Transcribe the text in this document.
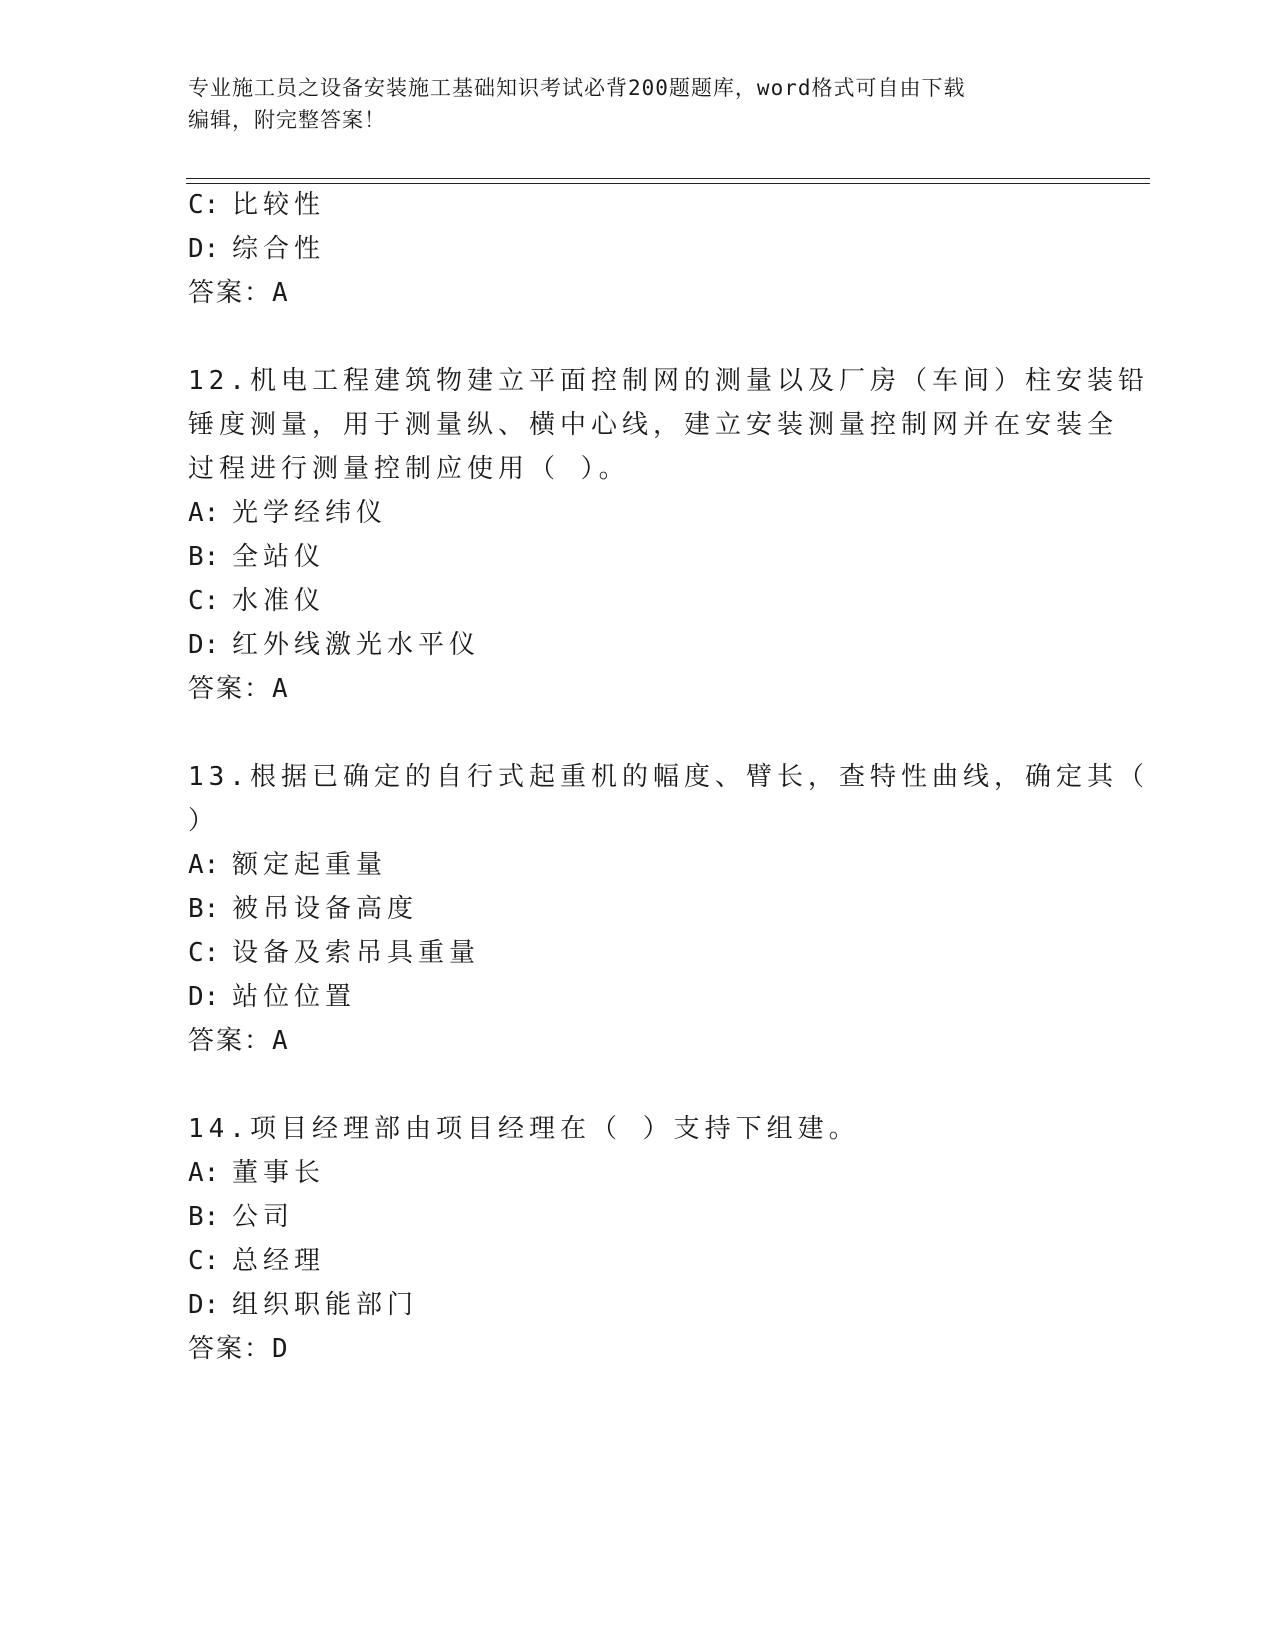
专业施工员之设备安装施工基础知识考试必背200题题库，word格式可自由下载
编辑，附完整答案！
C: 比较性
D: 综合性
答案：A
12.机电工程建筑物建立平面控制网的测量以及厂房（车间）柱安装铅
锤度测量，用于测量纵、横中心线，建立安装测量控制网并在安装全
过程进行测量控制应使用（ ）。
A: 光学经纬仪
B: 全站仪
C: 水准仪
D: 红外线激光水平仪
答案：A
13.根据已确定的自行式起重机的幅度、臂长，查特性曲线，确定其（
）
A: 额定起重量
B: 被吊设备高度
C: 设备及索吊具重量
D: 站位位置
答案：A
14.项目经理部由项目经理在（ ）支持下组建。
A: 董事长
B: 公司
C: 总经理
D: 组织职能部门
答案：D
